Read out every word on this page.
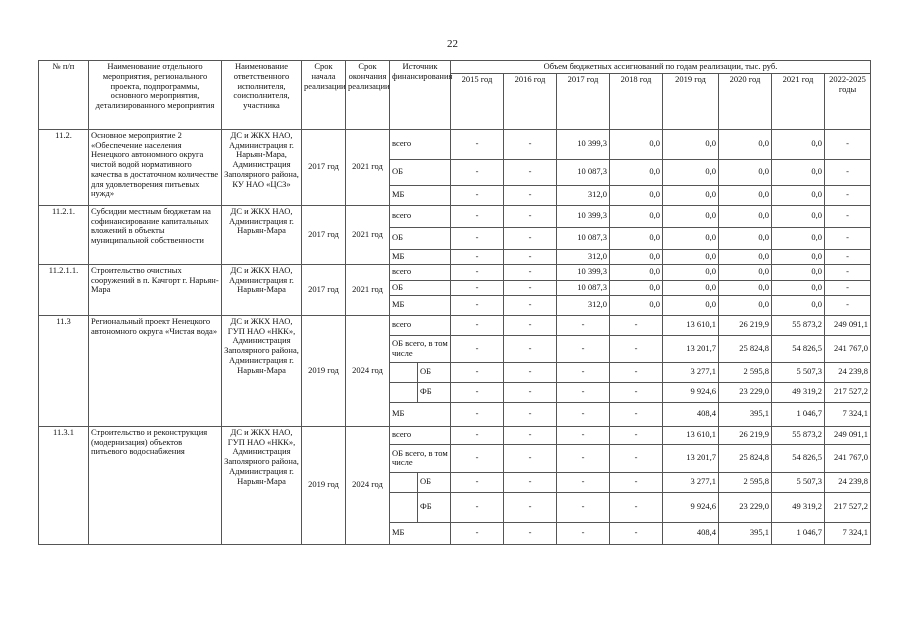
22
№ п/п	Наименование отдельного мероприятия, регионального проекта, подпрограммы, основного мероприятия, детализированного мероприятия	Наименование ответственного исполнителя, соисполнителя, участника	Срок начала реализации	Срок окончания реализации	Источник финансирования		Объем бюджетных ассигнований по годам реализации, тыс. руб.							
							2015 год	2016 год	2017 год	2018 год	2019 год	2020 год	2021 год	2022-2025 годы
11.2.	Основное мероприятие 2 «Обеспечение населения Ненецкого автономного округа чистой водой нормативного качества в достаточном количестве для удовлетворения питьевых нужд»	ДС и ЖКХ НАО, Администрация г. Нарьян-Мара, Администрация Заполярного района, КУ НАО «ЦСЗ»	2017 год	2021 год	всего		-	-	10 399,3	0,0	0,0	0,0	0,0	-
					ОБ		-	-	10 087,3	0,0	0,0	0,0	0,0	-
					МБ		-	-	312,0	0,0	0,0	0,0	0,0	-
11.2.1.	Субсидии местным бюджетам на софинансирование капитальных вложений в объекты муниципальной собственности	ДС и ЖКХ НАО, Администрация г. Нарьян-Мара	2017 год	2021 год	всего		-	-	10 399,3	0,0	0,0	0,0	0,0	-
					ОБ		-	-	10 087,3	0,0	0,0	0,0	0,0	-
					МБ		-	-	312,0	0,0	0,0	0,0	0,0	-
11.2.1.1.	Строительство очистных сооружений в п. Качгорт г. Нарьян-Мара	ДС и ЖКХ НАО, Администрация г. Нарьян-Мара	2017 год	2021 год	всего		-	-	10 399,3	0,0	0,0	0,0	0,0	-
					ОБ		-	-	10 087,3	0,0	0,0	0,0	0,0	-
					МБ		-	-	312,0	0,0	0,0	0,0	0,0	-
11.3	Региональный проект Ненецкого автономного округа «Чистая вода»	ДС и ЖКХ НАО, ГУП НАО «НКК», Администрация Заполярного района, Администрация г. Нарьян-Мара	2019 год	2024 год	всего		-	-	-	-	13 610,1	26 219,9	55 873,2	249 091,1
					ОБ всего, в том числе		-	-	-	-	13 201,7	25 824,8	54 826,5	241 767,0
						ОБ	-	-	-	-	3 277,1	2 595,8	5 507,3	24 239,8
						ФБ	-	-	-	-	9 924,6	23 229,0	49 319,2	217 527,2
					МБ		-	-	-	-	408,4	395,1	1 046,7	7 324,1
11.3.1	Строительство и реконструкция (модернизация) объектов питьевого водоснабжения	ДС и ЖКХ НАО, ГУП НАО «НКК», Администрация Заполярного района, Администрация г. Нарьян-Мара	2019 год	2024 год	всего		-	-	-	-	13 610,1	26 219,9	55 873,2	249 091,1
					ОБ всего, в том числе		-	-	-	-	13 201,7	25 824,8	54 826,5	241 767,0
						ОБ	-	-	-	-	3 277,1	2 595,8	5 507,3	24 239,8
						ФБ	-	-	-	-	9 924,6	23 229,0	49 319,2	217 527,2
					МБ		-	-	-	-	408,4	395,1	1 046,7	7 324,1
